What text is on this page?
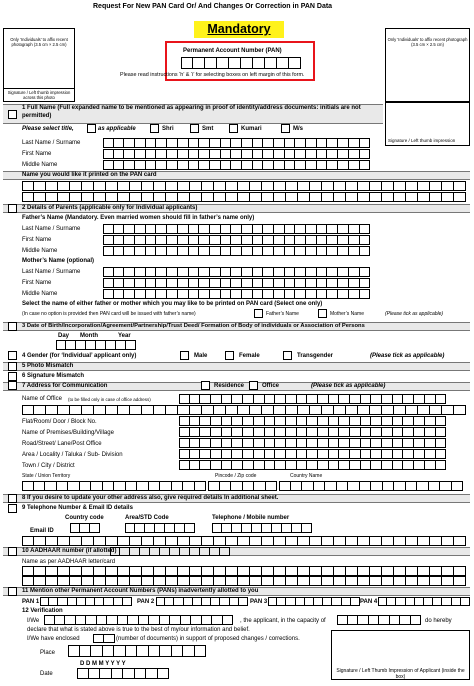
Request For New PAN Card Or/ And Changes Or Correction in PAN Data
Only ‘Individuals’ to affix recent photograph (3.5 cm × 2.5 cm)
Signature / Left thumb impression across this photo
Only ‘Individuals’ to affix recent photograph (3.5 cm × 2.5 cm)
Mandatory
Permanent Account Number (PAN)
Please read instructions ‘h’ & ‘i’ for selecting boxes on left margin of this form.
1 Full Name (Full expanded name to be mentioned as appearing in proof of identity/address documents: initials are not permitted)
Signature / Left thumb impression
Please select title,	as applicable	Shri	Smt	Kumari	M/s
Last Name / Surname
First Name
Middle Name
Name you would like it printed on the PAN card
2 Details of Parents (applicable only for Individual applicants)
Father’s Name (Mandatory. Even married women should fill in father’s name only)
Last Name / Surname
First Name
Middle Name
Mother’s Name (optional)
Last Name / Surname
First Name
Middle Name
Select the name of either father or mother which you may like to be printed on PAN card (Select one only)
(In case no option is provided then PAN card will be issued with father’s name)	Father’s Name	Mother’s Name	(Please tick as applicable)
3 Date of Birth/Incorporation/Agreement/Partnership/Trust Deed/ Formation of Body of individuals or Association of Persons
Day Month	Year
4 Gender (for ‘Individual’ applicant only)	Male	Female	Transgender	(Please tick as applicable)
5 Photo Mismatch
6 Signature Mismatch
7 Address for Communication	Residence	Office	(Please tick as applicable)
Name of Office (to be filled only in case of office address)
Flat/Room/ Door / Block No.
Name of Premises/Building/Village
Road/Street/ Lane/Post Office
Area / Locality / Taluka / Sub- Division
Town / City / District
State / Union Territory	Pincode / Zip code	Country Name
8 If you desire to update your other address also, give required details In additional sheet.
9 Telephone Number & Email ID details
Country code	Area/STD Code	Telephone / Mobile number
Email ID
10 AADHAAR number (if allotted)
Name as per AADHAAR letter/card
11 Mention other Permanent Account Numbers (PANs) inadvertently allotted to you
PAN 1	PAN 2	PAN 3	PAN 4
12 Verification
I/We	, the applicant, in the capacity of	do hereby
declare that what is stated above is true to the best of my/our information and belief.
I/We have enclosed	(number of documents) in support of proposed changes / corrections.
Place
D D M M Y Y Y Y
Date	Signature / Left Thumb Impression of Applicant (inside the box)
